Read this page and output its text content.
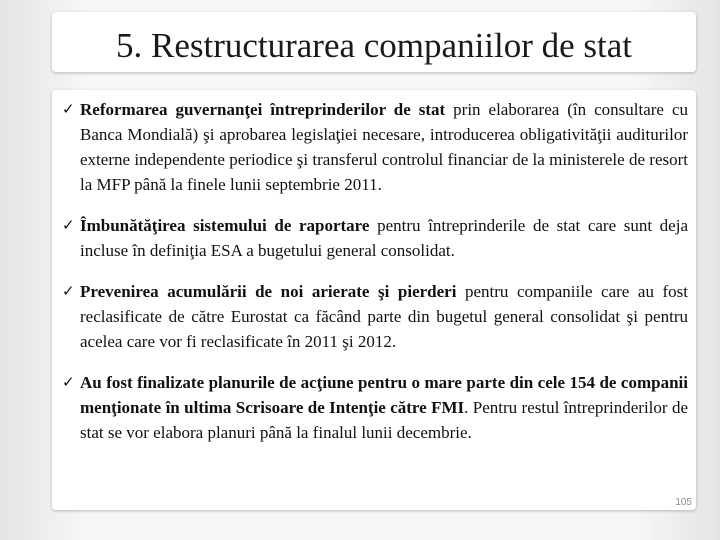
5. Restructurarea companiilor de stat
✓ Reformarea guvernanţei întreprinderilor de stat prin elaborarea (în consultare cu Banca Mondială) şi aprobarea legislaţiei necesare, introducerea obligativităţii auditurilor externe independente periodice şi transferul controlul financiar de la ministerele de resort la MFP până la finele lunii septembrie 2011.
✓ Îmbunătăţirea sistemului de raportare pentru întreprinderile de stat care sunt deja incluse în definiţia ESA a bugetului general consolidat.
✓ Prevenirea acumulării de noi arierate şi pierderi pentru companiile care au fost reclasificate de către Eurostat ca făcând parte din bugetul general consolidat şi pentru acelea care vor fi reclasificate în 2011 şi 2012.
✓ Au fost finalizate planurile de acţiune pentru o mare parte din cele 154 de companii menţionate în ultima Scrisoare de Intenţie către FMI. Pentru restul întreprinderilor de stat se vor elabora planuri până la finalul lunii decembrie.
105
